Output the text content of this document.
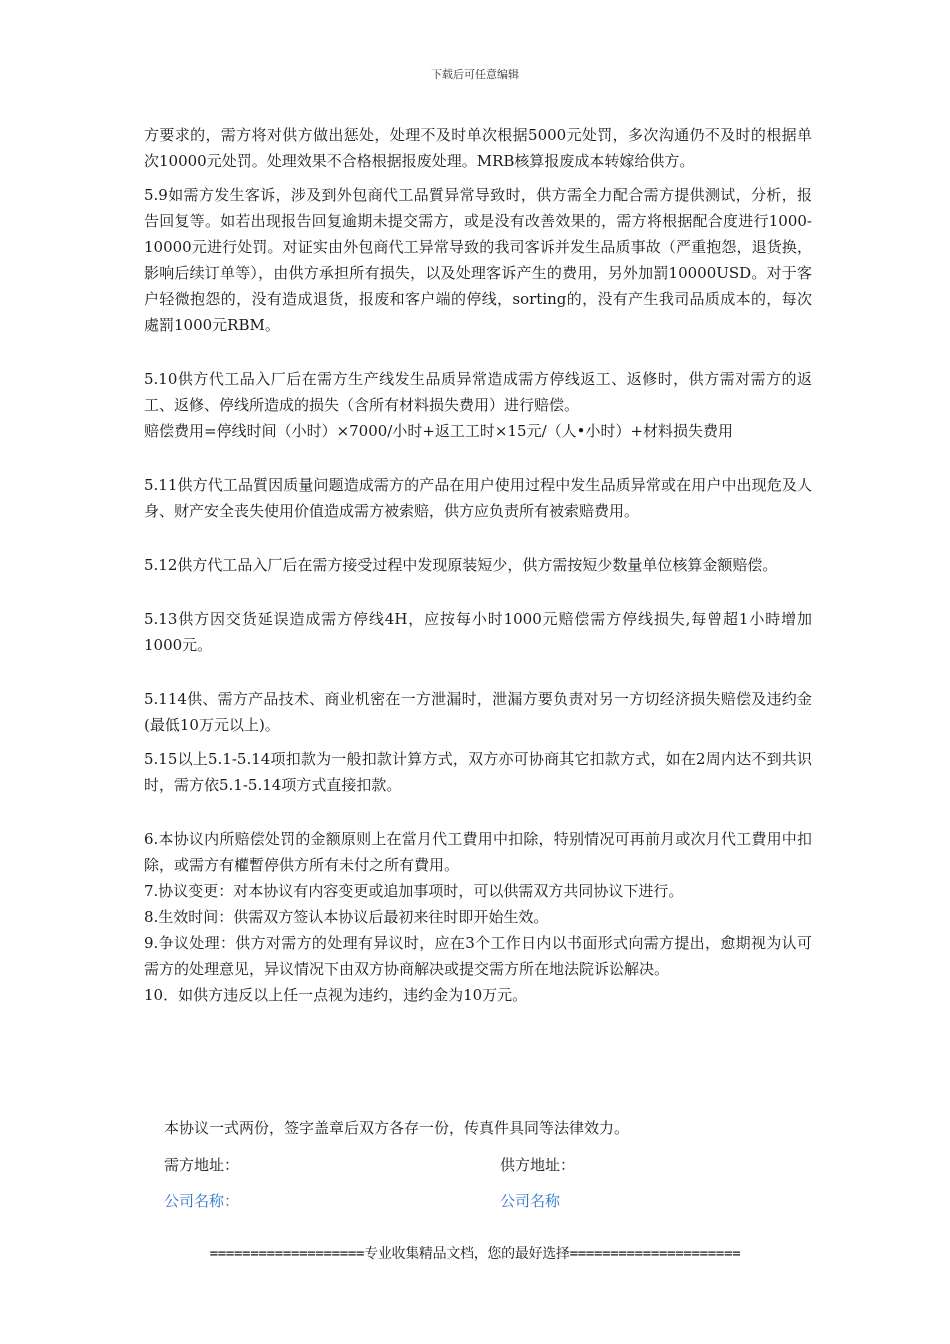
下载后可任意编辑

方要求的，需方将对供方做出惩处，处理不及时单次根据5000元处罚，多次沟通仍不及时的根据单次10000元处罚。处理效果不合格根据报废处理。MRB核算报废成本转嫁给供方。

5.9如需方发生客诉，涉及到外包商代工品質异常导致时，供方需全力配合需方提供测试，分析，报告回复等。如若出现报告回复逾期未提交需方，或是没有改善效果的，需方将根据配合度进行1000-10000元进行处罚。对证实由外包商代工异常导致的我司客诉并发生品质事故（严重抱怨，退货换，影响后续订单等），由供方承担所有损失，以及处理客诉产生的费用，另外加罰10000USD。对于客户轻微抱怨的，没有造成退货，报废和客户端的停线，sorting的，没有产生我司品质成本的，每次處罰1000元RBM。

5.10供方代工品入厂后在需方生产线发生品质异常造成需方停线返工、返修时，供方需对需方的返工、返修、停线所造成的损失（含所有材料损失费用）进行赔偿。

赔偿费用=停线时间（小时）×7000/小时+返工工时×15元/（人•小时）+材料损失费用

5.11供方代工品質因质量问题造成需方的产品在用户使用过程中发生品质异常或在用户中出现危及人身、财产安全丧失使用价值造成需方被索赔，供方应负责所有被索赔费用。

5.12供方代工品入厂后在需方接受过程中发现原装短少，供方需按短少数量单位核算金额赔偿。

5.13供方因交货延误造成需方停线4H，应按每小时1000元赔偿需方停线损失,每曾超1小時增加1000元。

5.114供、需方产品技术、商业机密在一方泄漏时，泄漏方要负责对另一方切经济损失赔偿及违约金(最低10万元以上)。

5.15以上5.1-5.14项扣款为一般扣款计算方式，双方亦可协商其它扣款方式，如在2周内达不到共识时，需方依5.1-5.14项方式直接扣款。

6.本协议内所赔偿处罚的金额原则上在當月代工費用中扣除，特别情况可再前月或次月代工費用中扣除，或需方有權暫停供方所有未付之所有費用。

7.协议变更：对本协议有内容变更或追加事项时，可以供需双方共同协议下进行。

8.生效时间：供需双方签认本协议后最初来往时即开始生效。

9.争议处理：供方对需方的处理有异议时，应在3个工作日内以书面形式向需方提出，愈期视为认可需方的处理意见，异议情况下由双方协商解决或提交需方所在地法院诉讼解决。

10．如供方违反以上任一点视为违约，违约金为10万元。

本协议一式两份，签字盖章后双方各存一份，传真件具同等法律效力。
需方地址：	供方地址：
公司名称：	公司名称
===================专业收集精品文档，您的最好选择=====================
